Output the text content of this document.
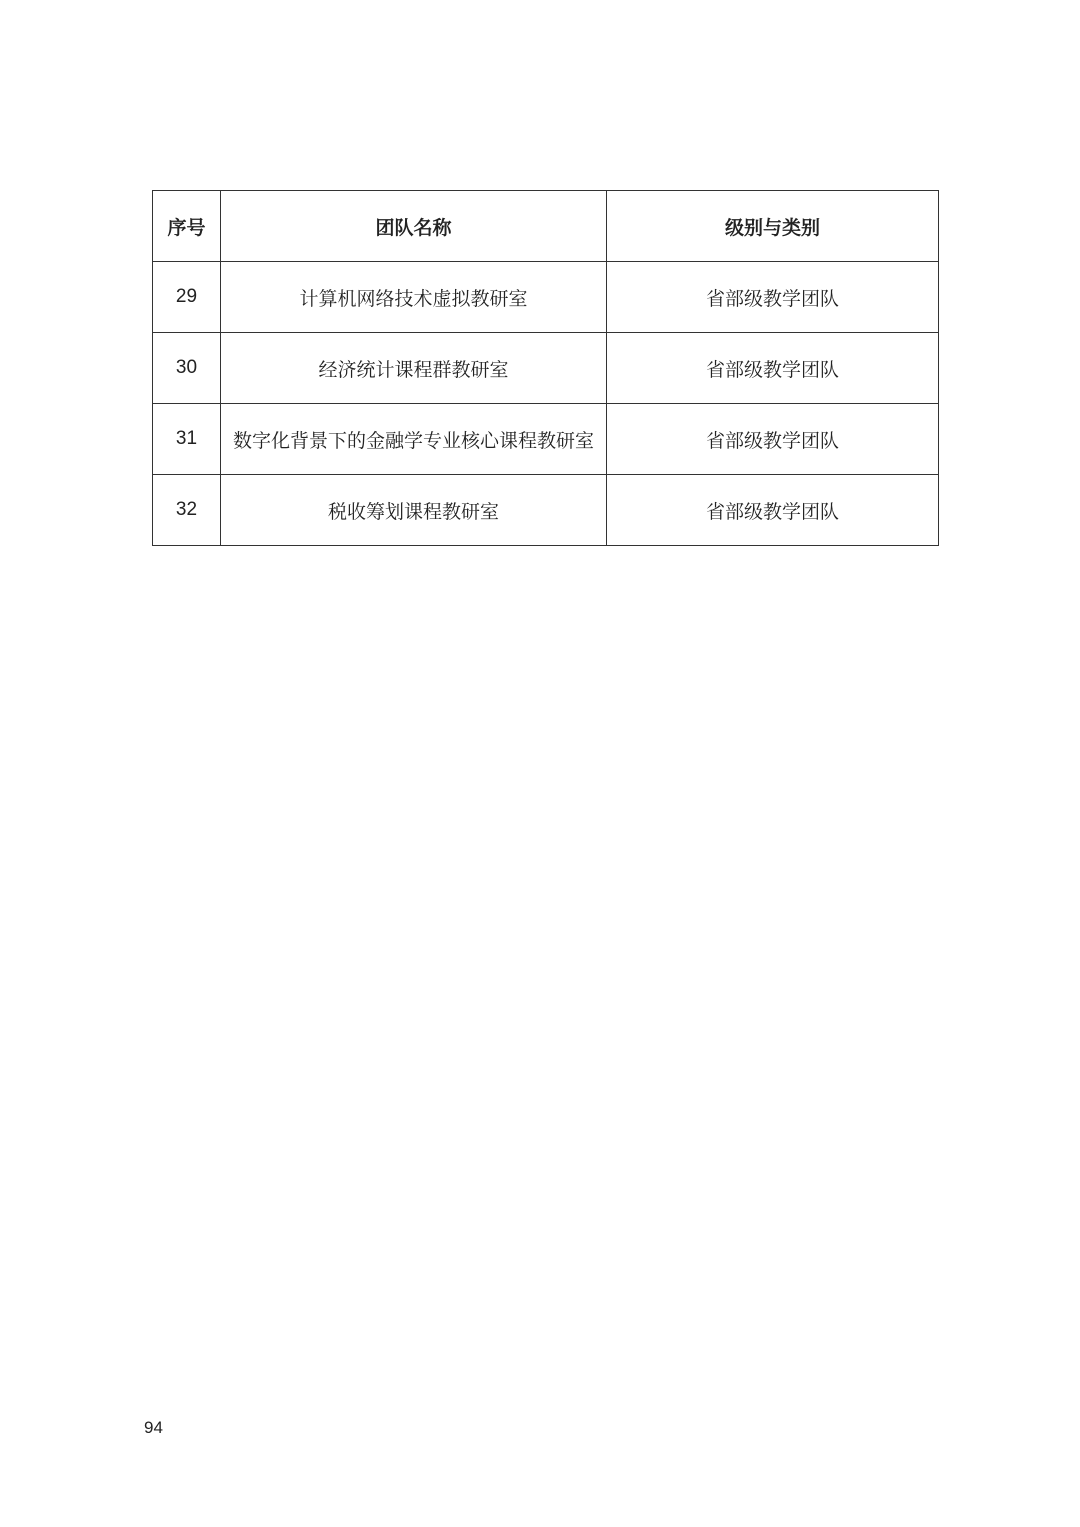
序号	团队名称	级别与类别
29	计算机网络技术虚拟教研室	省部级教学团队
30	经济统计课程群教研室	省部级教学团队
31	数字化背景下的金融学专业核心课程教研室	省部级教学团队
32	税收筹划课程教研室	省部级教学团队
94
